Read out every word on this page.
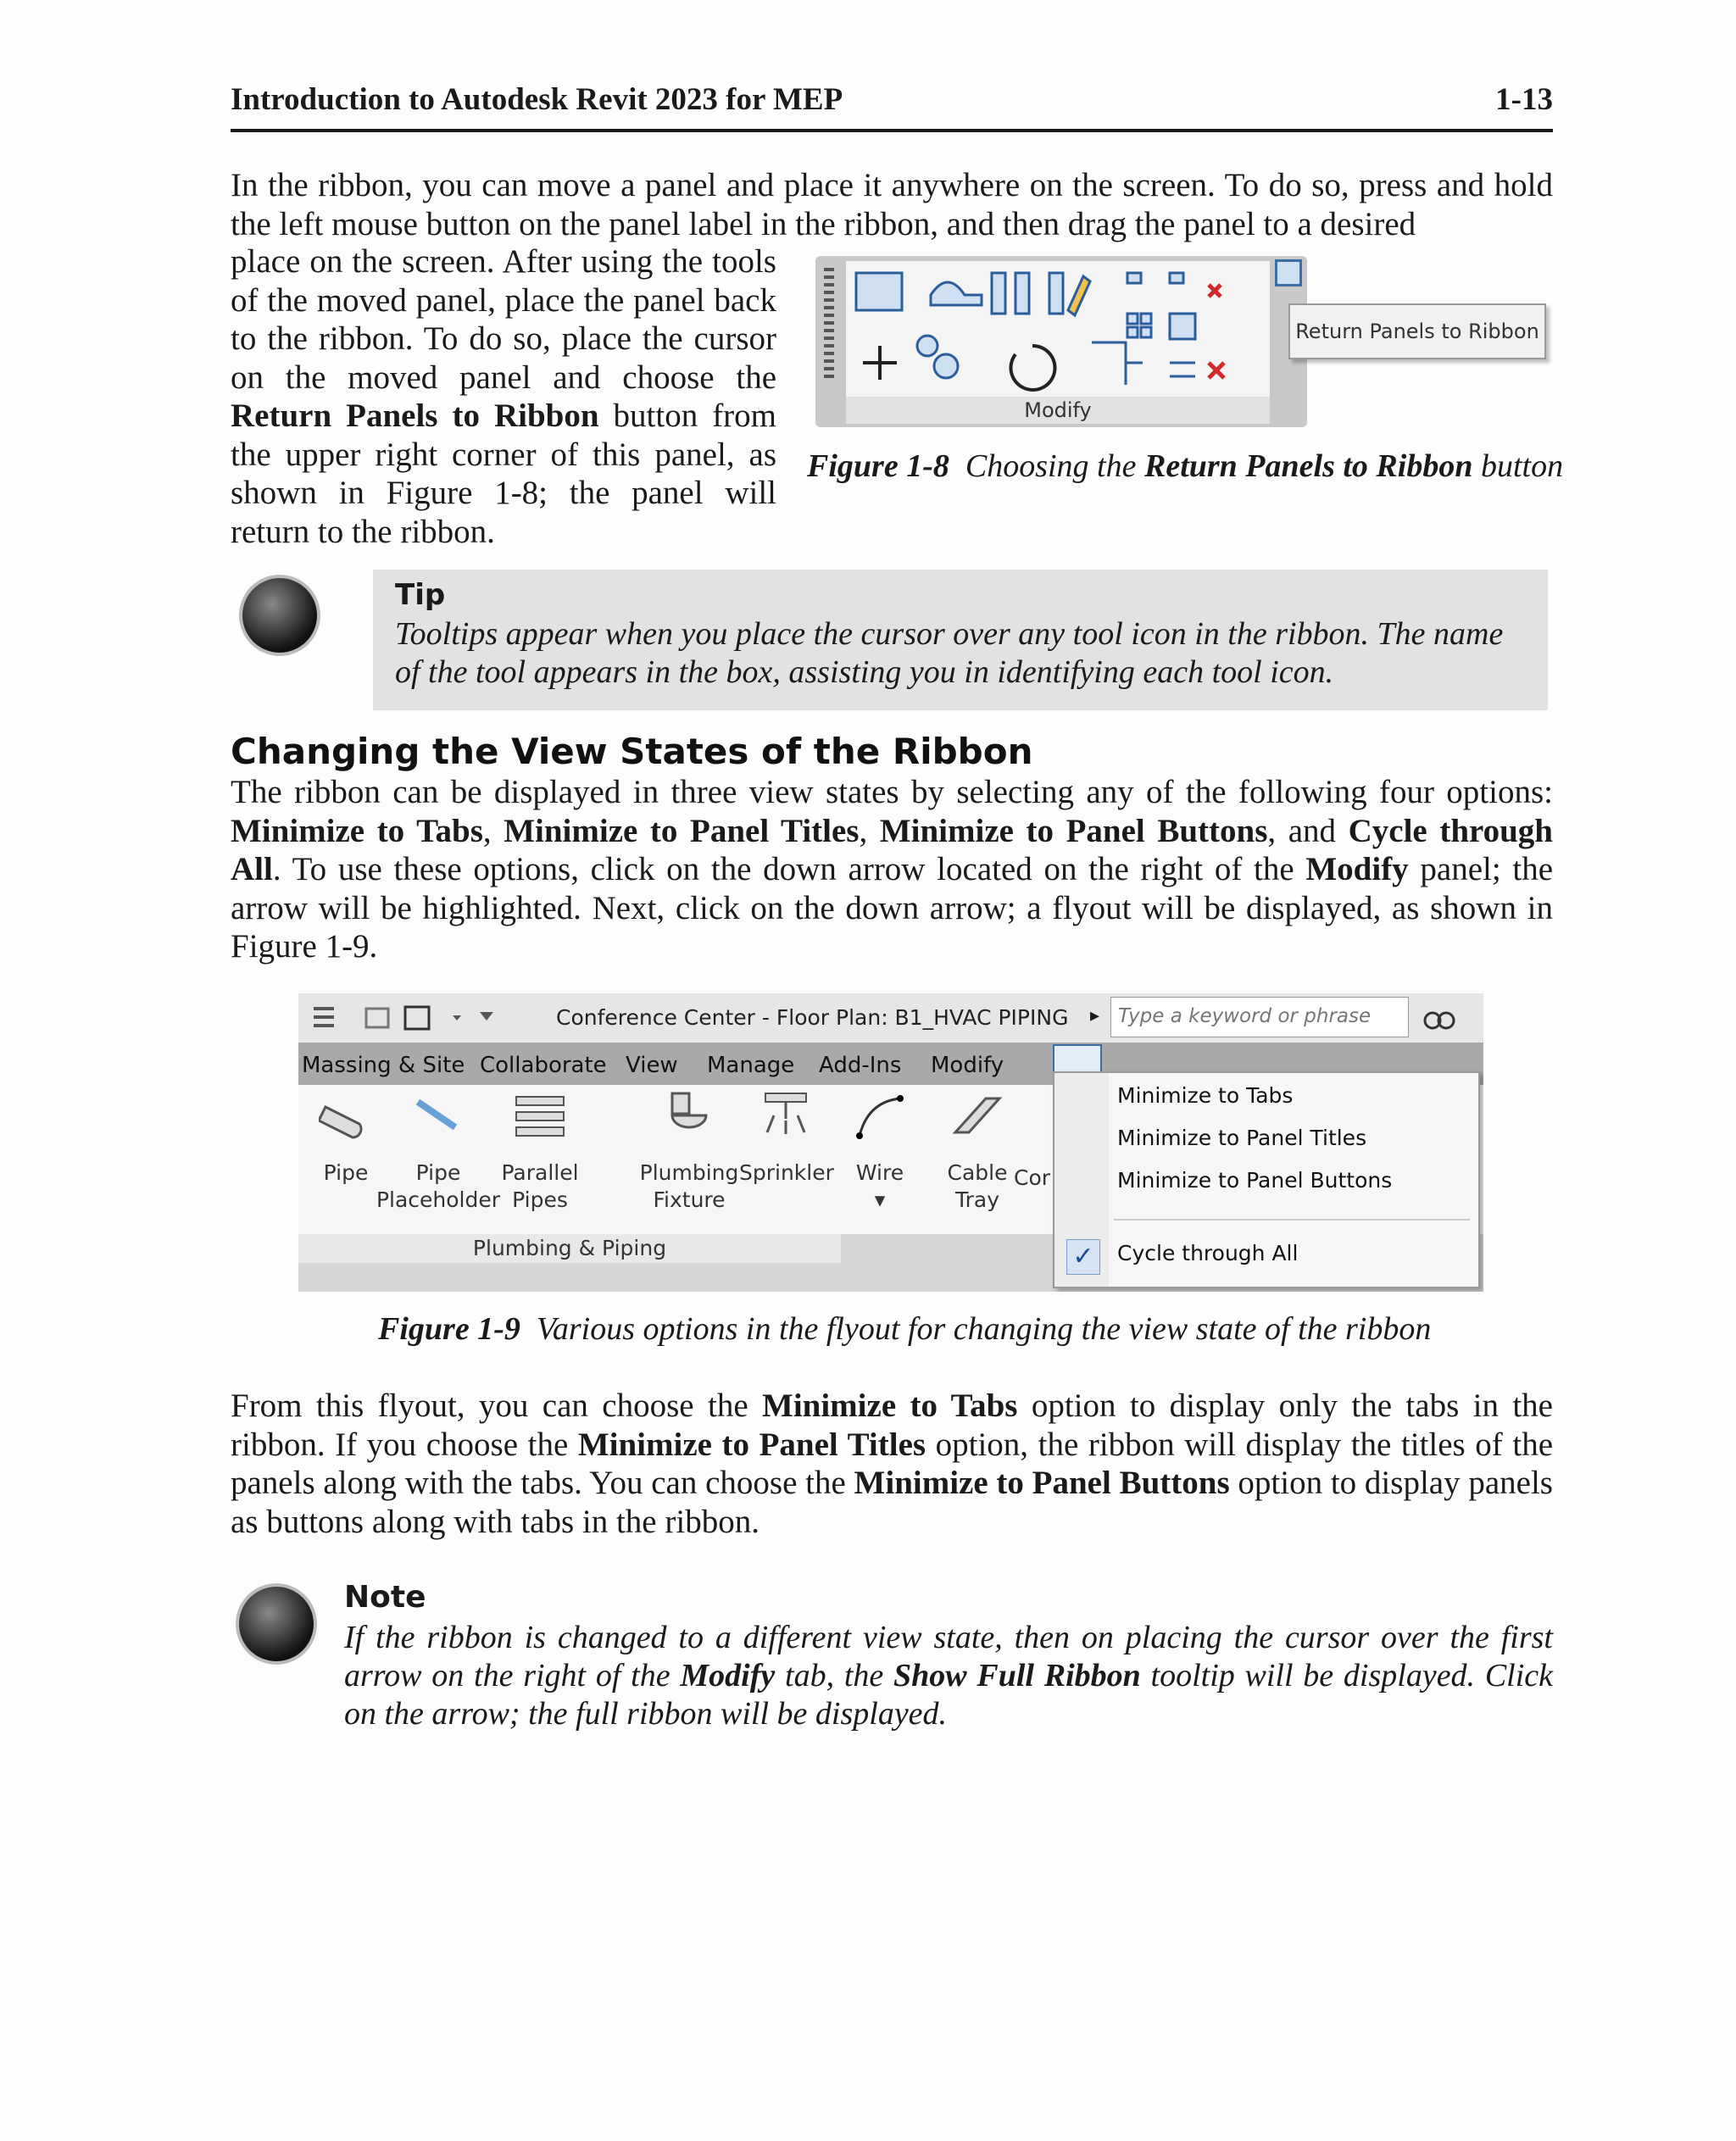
Introduction to Autodesk Revit 2023 for MEP	1-13
In the ribbon, you can move a panel and place it anywhere on the screen. To do so, press and hold the left mouse button on the panel label in the ribbon, and then drag the panel to a desired
place on the screen. After using the tools of the moved panel, place the panel back to the ribbon. To do so, place the cursor on the moved panel and choose the Return Panels to Ribbon button from the upper right corner of this panel, as shown in Figure 1-8; the panel will return to the ribbon.
Modify
Return Panels to Ribbon
Figure 1-8 Choosing the Return Panels to Ribbon button
Tip
Tooltips appear when you place the cursor over any tool icon in the ribbon. The name of the tool appears in the box, assisting you in identifying each tool icon.
Changing the View States of the Ribbon
The ribbon can be displayed in three view states by selecting any of the following four options: Minimize to Tabs, Minimize to Panel Titles, Minimize to Panel Buttons, and Cycle through All. To use these options, click on the down arrow located on the right of the Modify panel; the arrow will be highlighted. Next, click on the down arrow; a flyout will be displayed, as shown in Figure 1-9.
Conference Center - Floor Plan: B1_HVAC PIPING ▸
Type a keyword or phrase
Massing & Site Collaborate View Manage Add-Ins Modify
Pipe	Pipe
Placeholder
Parallel
Pipes
Plumbing
Fixture
Sprinkler	Wire
▾
Cable
Tray
Cor
Plumbing & Piping
Minimize to Tabs
Minimize to Panel Titles
Minimize to Panel Buttons
✓ Cycle through All
Figure 1-9 Various options in the flyout for changing the view state of the ribbon
From this flyout, you can choose the Minimize to Tabs option to display only the tabs in the ribbon. If you choose the Minimize to Panel Titles option, the ribbon will display the titles of the panels along with the tabs. You can choose the Minimize to Panel Buttons option to display panels as buttons along with tabs in the ribbon.
Note
If the ribbon is changed to a different view state, then on placing the cursor over the first arrow on the right of the Modify tab, the Show Full Ribbon tooltip will be displayed. Click on the arrow; the full ribbon will be displayed.
